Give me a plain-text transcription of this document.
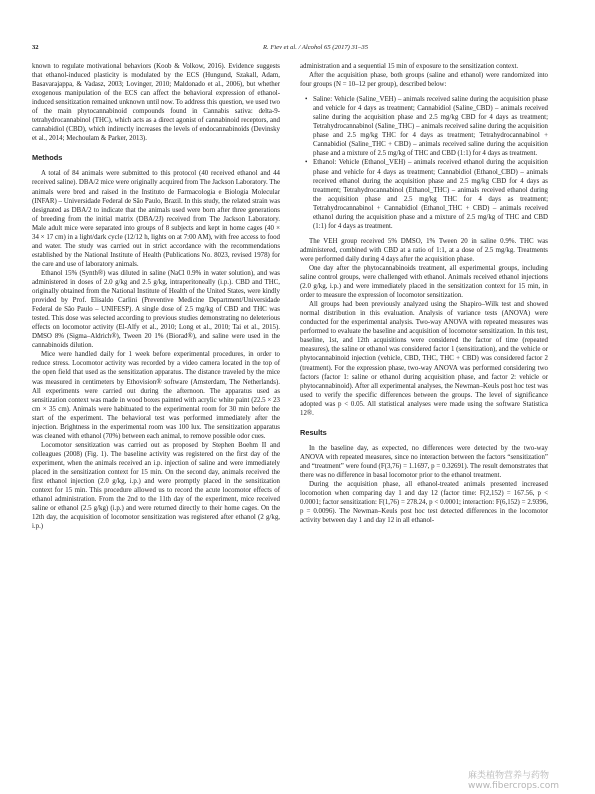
32	R. Fiev et al. / Alcohol 65 (2017) 31–35

known to regulate motivational behaviors (Koob & Volkow, 2016). Evidence suggests that ethanol-induced plasticity is modulated by the ECS (Hungund, Szakall, Adam, Basavarajappa, & Vadasz, 2003; Lovinger, 2010; Maldonado et al., 2006), but whether exogenous manipulation of the ECS can affect the behavioral expression of ethanol-induced sensitization remained unknown until now. To address this question, we used two of the main phytocannabinoid compounds found in Cannabis sativa: delta-9-tetrahydrocannabinol (THC), which acts as a direct agonist of cannabinoid receptors, and cannabidiol (CBD), which indirectly increases the levels of endocannabinoids (Devinsky et al., 2014; Mechoulam & Parker, 2013).

Methods

A total of 84 animals were submitted to this protocol (40 received ethanol and 44 received saline). DBA/2 mice were originally acquired from The Jackson Laboratory. The animals were bred and raised in the Instituto de Farmacologia e Biologia Molecular (INFAR) – Universidade Federal de São Paulo, Brazil. In this study, the related strain was designated as DBA/2 to indicate that the animals used were born after three generations of breeding from the initial matrix (DBA/2J) received from The Jackson Laboratory. Male adult mice were separated into groups of 8 subjects and kept in home cages (40 × 34 × 17 cm) in a light/dark cycle (12/12 h, lights on at 7:00 AM), with free access to food and water. The study was carried out in strict accordance with the recommendations established by the National Institute of Health (Publications No. 8023, revised 1978) for the care and use of laboratory animals.

Ethanol 15% (Synth®) was diluted in saline (NaCl 0.9% in water solution), and was administered in doses of 2.0 g/kg and 2.5 g/kg, intraperitoneally (i.p.). CBD and THC, originally obtained from the National Institute of Health of the United States, were kindly provided by Prof. Elisaldo Carlini (Preventive Medicine Department/Universidade Federal de São Paulo – UNIFESP). A single dose of 2.5 mg/kg of CBD and THC was tested. This dose was selected according to previous studies demonstrating no deleterious effects on locomotor activity (El-Alfy et al., 2010; Long et al., 2010; Tai et al., 2015). DMSO 8% (Sigma–Aldrich®), Tween 20 1% (Biorad®), and saline were used in the cannabinoids dilution.

Mice were handled daily for 1 week before experimental procedures, in order to reduce stress. Locomotor activity was recorded by a video camera located in the top of the open field that used as the sensitization apparatus. The distance traveled by the mice was measured in centimeters by Ethovision® software (Amsterdam, The Netherlands). All experiments were carried out during the afternoon. The apparatus used as sensitization context was made in wood boxes painted with acrylic white paint (22.5 × 23 cm × 35 cm). Animals were habituated to the experimental room for 30 min before the start of the experiment. The behavioral test was performed immediately after the injection. Brightness in the experimental room was 100 lux. The sensitization apparatus was cleaned with ethanol (70%) between each animal, to remove possible odor cues.

Locomotor sensitization was carried out as proposed by Stephen Boehm II and colleagues (2008) (Fig. 1). The baseline activity was registered on the first day of the experiment, when the animals received an i.p. injection of saline and were immediately placed in the sensitization context for 15 min. On the second day, animals received the first ethanol injection (2.0 g/kg, i.p.) and were promptly placed in the sensitization context for 15 min. This procedure allowed us to record the acute locomotor effects of ethanol administration. From the 2nd to the 11th day of the experiment, mice received saline or ethanol (2.5 g/kg) (i.p.) and were returned directly to their home cages. On the 12th day, the acquisition of locomotor sensitization was registered after ethanol (2 g/kg, i.p.)

administration and a sequential 15 min of exposure to the sensitization context.

After the acquisition phase, both groups (saline and ethanol) were randomized into four groups (N = 10–12 per group), described below:

• Saline: Vehicle (Saline_VEH) – animals received saline during the acquisition phase and vehicle for 4 days as treatment; Cannabidiol (Saline_CBD) – animals received saline during the acquisition phase and 2.5 mg/kg CBD for 4 days as treatment; Tetrahydrocannabinol (Saline_THC) – animals received saline during the acquisition phase and 2.5 mg/kg THC for 4 days as treatment; Tetrahydrocannabinol + Cannabidiol (Saline_THC + CBD) – animals received saline during the acquisition phase and a mixture of 2.5 mg/kg of THC and CBD (1:1) for 4 days as treatment.
• Ethanol: Vehicle (Ethanol_VEH) – animals received ethanol during the acquisition phase and vehicle for 4 days as treatment; Cannabidiol (Ethanol_CBD) – animals received ethanol during the acquisition phase and 2.5 mg/kg CBD for 4 days as treatment; Tetrahydrocannabinol (Ethanol_THC) – animals received ethanol during the acquisition phase and 2.5 mg/kg THC for 4 days as treatment; Tetrahydrocannabinol + Cannabidiol (Ethanol_THC + CBD) – animals received ethanol during the acquisition phase and a mixture of 2.5 mg/kg of THC and CBD (1:1) for 4 days as treatment.

The VEH group received 5% DMSO, 1% Tween 20 in saline 0.9%. THC was administered, combined with CBD at a ratio of 1:1, at a dose of 2.5 mg/kg. Treatments were performed daily during 4 days after the acquisition phase.

One day after the phytocannabinoids treatment, all experimental groups, including saline control groups, were challenged with ethanol. Animals received ethanol injections (2.0 g/kg, i.p.) and were immediately placed in the sensitization context for 15 min, in order to measure the expression of locomotor sensitization.

All groups had been previously analyzed using the Shapiro–Wilk test and showed normal distribution in this evaluation. Analysis of variance tests (ANOVA) were conducted for the experimental analysis. Two-way ANOVA with repeated measures was performed to evaluate the baseline and acquisition of locomotor sensitization. In this test, baseline, 1st, and 12th acquisitions were considered the factor of time (repeated measures), the saline or ethanol was considered factor 1 (sensitization), and the vehicle or phytocannabinoid injection (vehicle, CBD, THC, THC + CBD) was considered factor 2 (treatment). For the expression phase, two-way ANOVA was performed considering two factors (factor 1: saline or ethanol during acquisition phase, and factor 2: vehicle or phytocannabinoid). After all experimental analyses, the Newman–Keuls post hoc test was used to verify the specific differences between the groups. The level of significance adopted was p < 0.05. All statistical analyses were made using the software Statistica 12®.

Results

In the baseline day, as expected, no differences were detected by the two-way ANOVA with repeated measures, since no interaction between the factors “sensitization” and “treatment” were found (F(3,76) = 1.1697, p = 0.32691). The result demonstrates that there was no difference in basal locomotor prior to the ethanol treatment.

During the acquisition phase, all ethanol-treated animals presented increased locomotion when comparing day 1 and day 12 (factor time: F(2,152) = 167.56, p < 0.0001; factor sensitization: F(1,76) = 278.24, p < 0.0001; interaction: F(6,152) = 2.9396, p = 0.0096). The Newman–Keuls post hoc test detected differences in the locomotor activity between day 1 and day 12 in all ethanol-

麻类植物营养与药物
www.fibercrops.com
